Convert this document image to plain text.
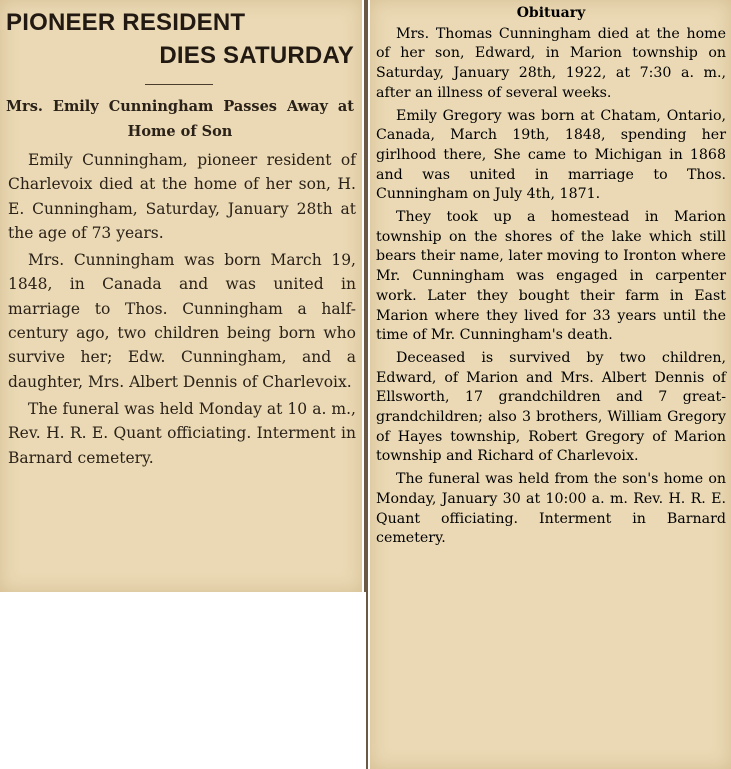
PIONEER RESIDENT
DIES SATURDAY
Mrs. Emily Cunningham Passes Away at Home of Son

Emily Cunningham, pioneer resident of Charlevoix died at the home of her son, H. E. Cunningham, Saturday, January 28th at the age of 73 years.

Mrs. Cunningham was born March 19, 1848, in Canada and was united in marriage to Thos. Cunningham a half-century ago, two children being born who survive her; Edw. Cunningham, and a daughter, Mrs. Albert Dennis of Charlevoix.

The funeral was held Monday at 10 a. m., Rev. H. R. E. Quant officiating. Interment in Barnard cemetery.

Obituary

Mrs. Thomas Cunningham died at the home of her son, Edward, in Marion township on Saturday, January 28th, 1922, at 7:30 a. m., after an illness of several weeks.

Emily Gregory was born at Chatam, Ontario, Canada, March 19th, 1848, spending her girlhood there, She came to Michigan in 1868 and was united in marriage to Thos. Cunningham on July 4th, 1871.

They took up a homestead in Marion township on the shores of the lake which still bears their name, later moving to Ironton where Mr. Cunningham was engaged in carpenter work. Later they bought their farm in East Marion where they lived for 33 years until the time of Mr. Cunningham's death.

Deceased is survived by two children, Edward, of Marion and Mrs. Albert Dennis of Ellsworth, 17 grandchildren and 7 great-grandchildren; also 3 brothers, William Gregory of Hayes township, Robert Gregory of Marion township and Richard of Charlevoix.

The funeral was held from the son's home on Monday, January 30 at 10:00 a. m. Rev. H. R. E. Quant officiating. Interment in Barnard cemetery.
